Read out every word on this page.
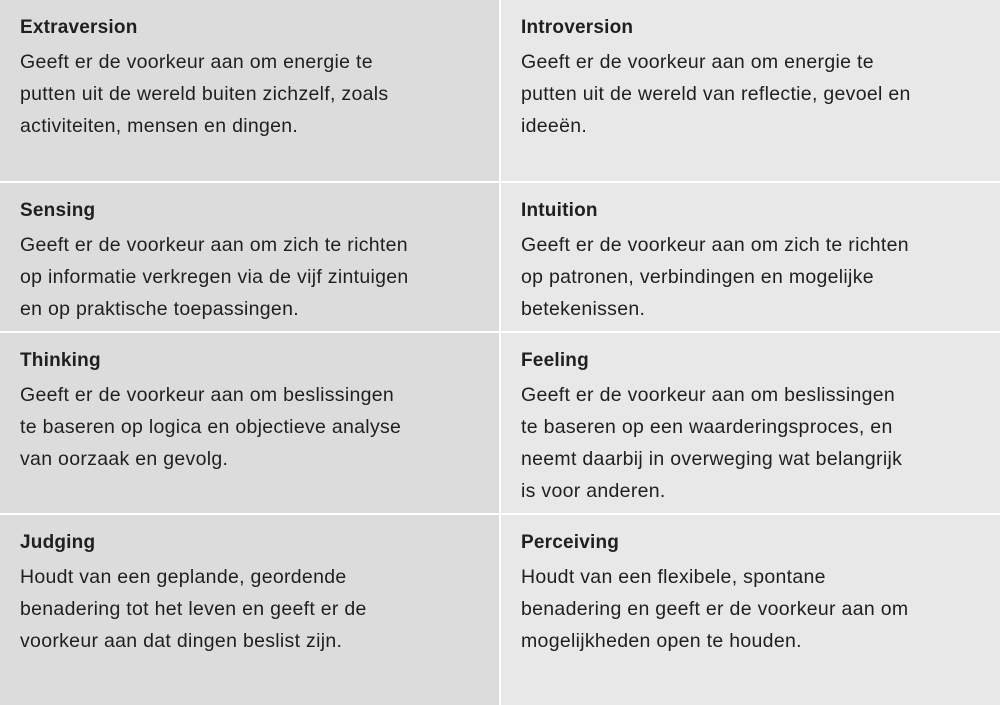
Extraversion
Geeft er de voorkeur aan om energie te
putten uit de wereld buiten zichzelf, zoals
activiteiten, mensen en dingen.
Introversion
Geeft er de voorkeur aan om energie te
putten uit de wereld van reflectie, gevoel en
ideeën.
Sensing
Geeft er de voorkeur aan om zich te richten
op informatie verkregen via de vijf zintuigen
en op praktische toepassingen.
Intuition
Geeft er de voorkeur aan om zich te richten
op patronen, verbindingen en mogelijke
betekenissen.
Thinking
Geeft er de voorkeur aan om beslissingen
te baseren op logica en objectieve analyse
van oorzaak en gevolg.
Feeling
Geeft er de voorkeur aan om beslissingen
te baseren op een waarderingsproces, en
neemt daarbij in overweging wat belangrijk
is voor anderen.
Judging
Houdt van een geplande, geordende
benadering tot het leven en geeft er de
voorkeur aan dat dingen beslist zijn.
Perceiving
Houdt van een flexibele, spontane
benadering en geeft er de voorkeur aan om
mogelijkheden open te houden.
